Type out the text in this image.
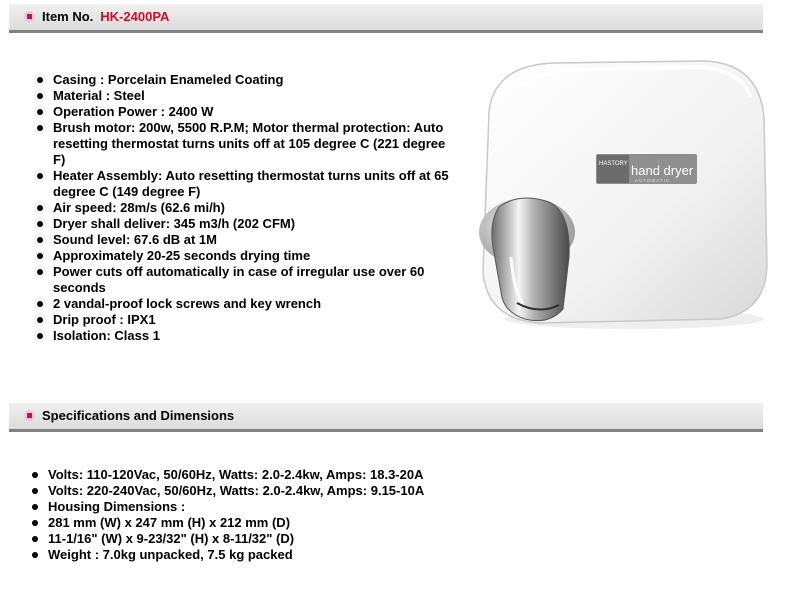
Item No. HK-2400PA
Casing : Porcelain Enameled Coating
Material : Steel
Operation Power : 2400 W
Brush motor: 200w, 5500 R.P.M; Motor thermal protection: Auto resetting thermostat turns units off at 105 degree C (221 degree F)
Heater Assembly: Auto resetting thermostat turns units off at 65 degree C (149 degree F)
Air speed: 28m/s (62.6 mi/h)
Dryer shall deliver: 345 m3/h (202 CFM)
Sound level: 67.6 dB at 1M
Approximately 20-25 seconds drying time
Power cuts off automatically in case of irregular use over 60 seconds
2 vandal-proof lock screws and key wrench
Drip proof : IPX1
Isolation: Class 1
HASTORY hand dryer
AUTOMATIC
Specifications and Dimensions
Volts: 110-120Vac, 50/60Hz, Watts: 2.0-2.4kw, Amps: 18.3-20A
Volts: 220-240Vac, 50/60Hz, Watts: 2.0-2.4kw, Amps: 9.15-10A
Housing Dimensions :
281 mm (W) x 247 mm (H) x 212 mm (D)
11-1/16" (W) x 9-23/32" (H) x 8-11/32" (D)
Weight : 7.0kg unpacked, 7.5 kg packed
